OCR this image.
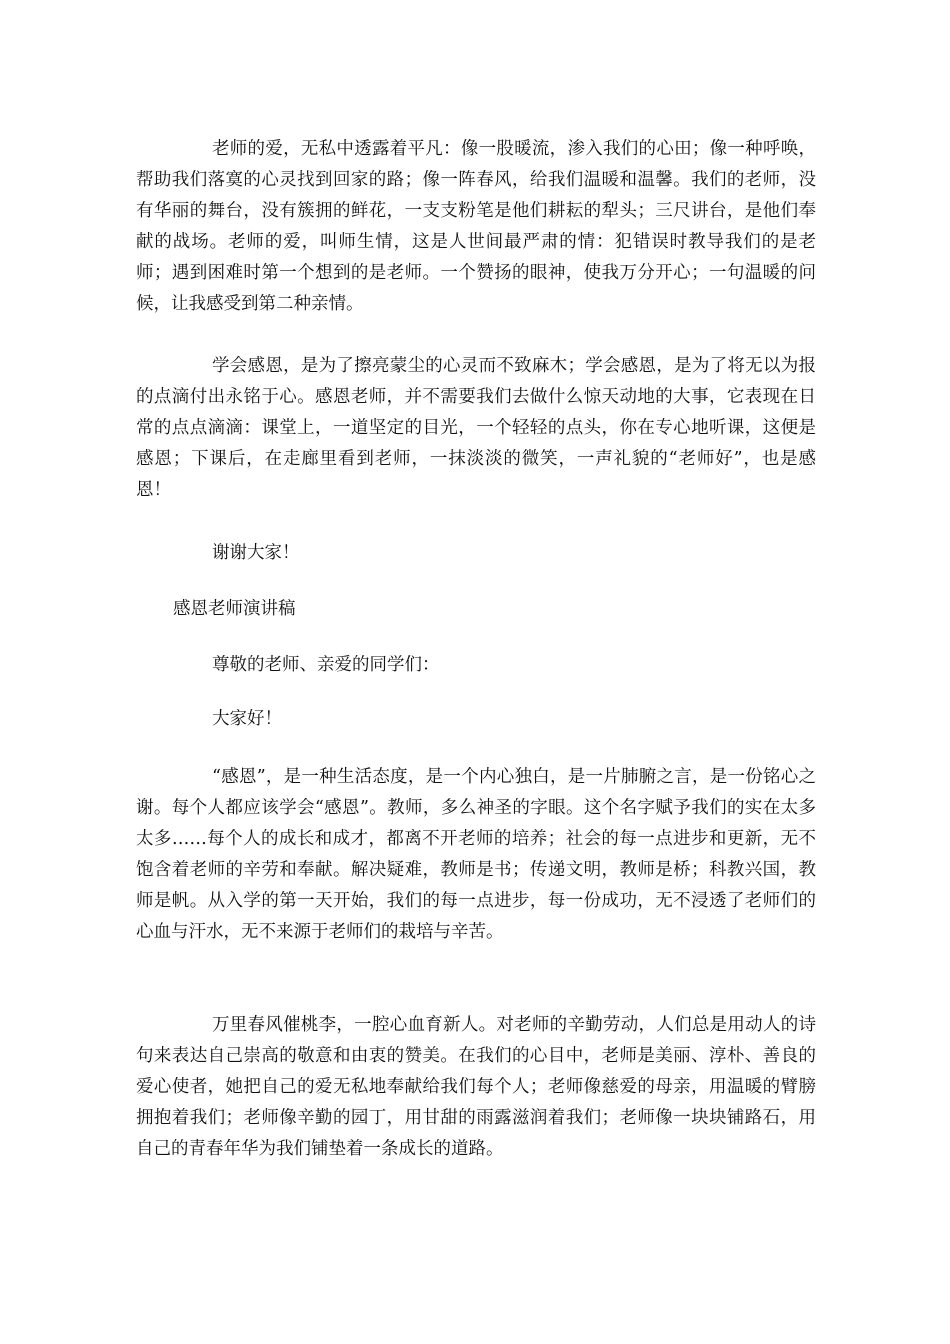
老师的爱，无私中透露着平凡：像一股暖流，渗入我们的心田；像一种呼唤，帮助我们落寞的心灵找到回家的路；像一阵春风，给我们温暖和温馨。我们的老师，没有华丽的舞台，没有簇拥的鲜花，一支支粉笔是他们耕耘的犁头；三尺讲台，是他们奉献的战场。老师的爱，叫师生情，这是人世间最严肃的情：犯错误时教导我们的是老师；遇到困难时第一个想到的是老师。一个赞扬的眼神，使我万分开心；一句温暖的问候，让我感受到第二种亲情。

学会感恩，是为了擦亮蒙尘的心灵而不致麻木；学会感恩，是为了将无以为报的点滴付出永铭于心。感恩老师，并不需要我们去做什么惊天动地的大事，它表现在日常的点点滴滴：课堂上，一道坚定的目光，一个轻轻的点头，你在专心地听课，这便是感恩；下课后，在走廊里看到老师，一抹淡淡的微笑，一声礼貌的“老师好”，也是感恩！

谢谢大家！

感恩老师演讲稿

尊敬的老师、亲爱的同学们：

大家好！

“感恩”，是一种生活态度，是一个内心独白，是一片肺腑之言，是一份铭心之谢。每个人都应该学会“感恩”。教师，多么神圣的字眼。这个名字赋予我们的实在太多太多……每个人的成长和成才，都离不开老师的培养；社会的每一点进步和更新，无不饱含着老师的辛劳和奉献。解决疑难，教师是书；传递文明，教师是桥；科教兴国，教师是帆。从入学的第一天开始，我们的每一点进步，每一份成功，无不浸透了老师们的心血与汗水，无不来源于老师们的栽培与辛苦。

万里春风催桃李，一腔心血育新人。对老师的辛勤劳动，人们总是用动人的诗句来表达自己崇高的敬意和由衷的赞美。在我们的心目中，老师是美丽、淳朴、善良的爱心使者，她把自己的爱无私地奉献给我们每个人；老师像慈爱的母亲，用温暖的臂膀拥抱着我们；老师像辛勤的园丁，用甘甜的雨露滋润着我们；老师像一块块铺路石，用自己的青春年华为我们铺垫着一条成长的道路。
